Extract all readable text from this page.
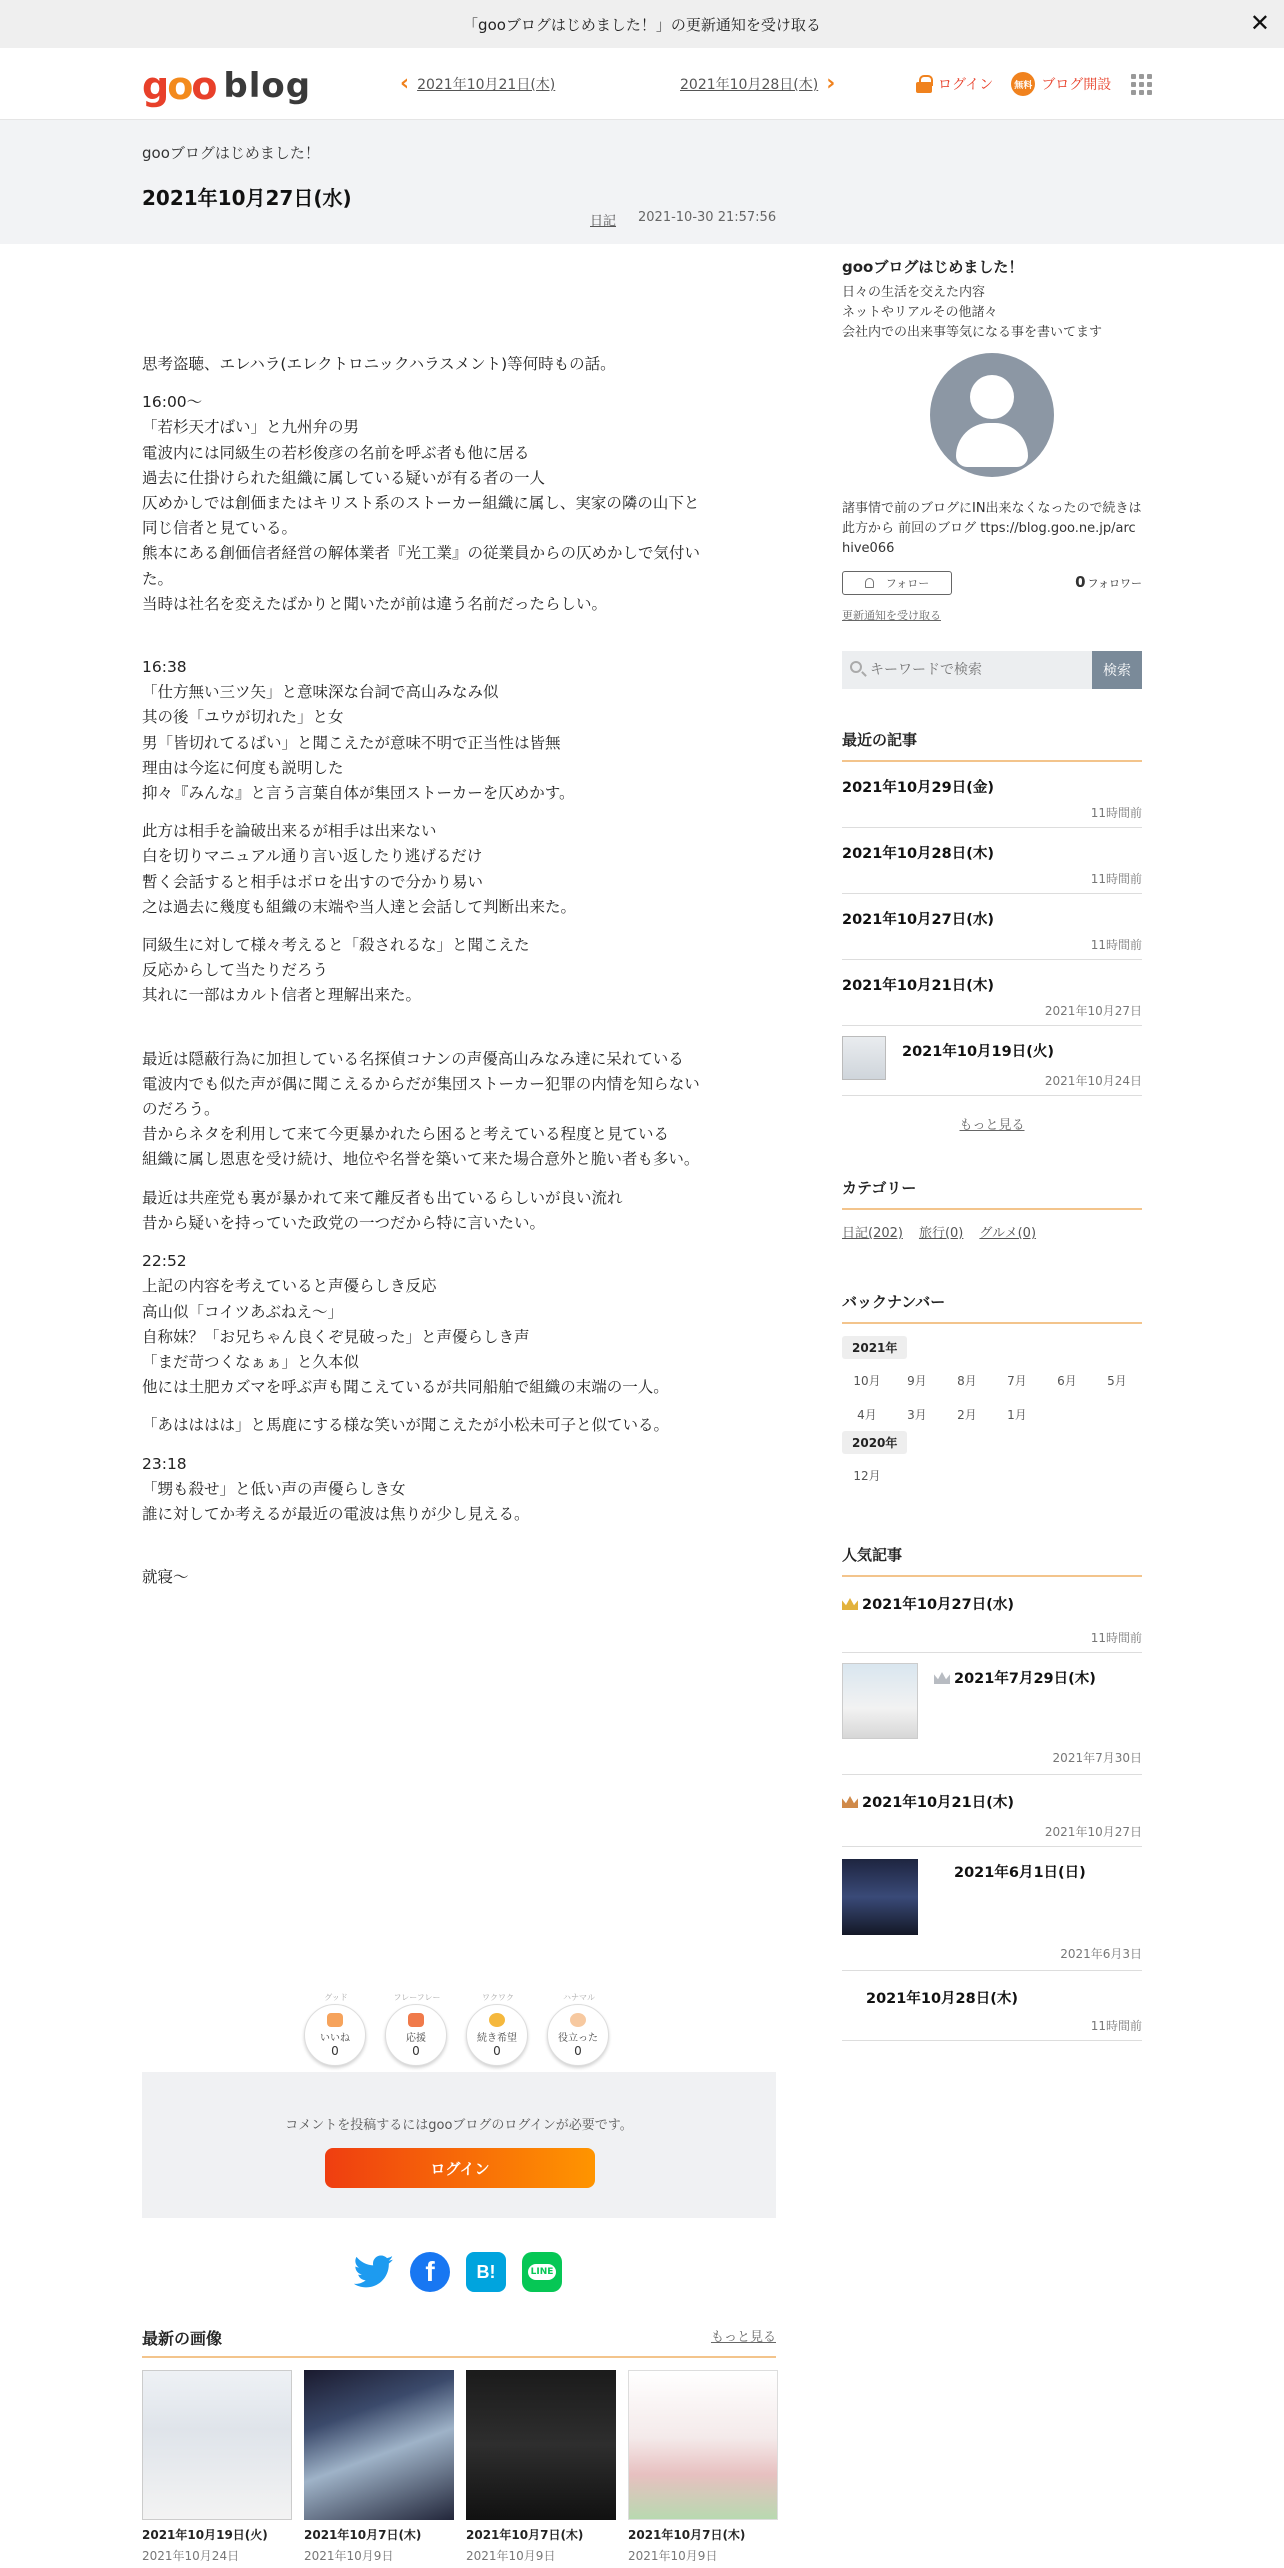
「gooブログはじめました！」の更新通知を受け取る	✕
goo blog	‹ 2021年10月21日(木)	2021年10月28日(木) ›	ログイン	無料 ブログ開設
gooブログはじめました！
2021年10月27日(水)
日記 2021-10-30 21:57:56

思考盗聴、エレハラ(エレクトロニックハラスメント)等何時もの話。

16:00～

「若杉天才ばい」と九州弁の男

電波内には同級生の若杉俊彦の名前を呼ぶ者も他に居る

過去に仕掛けられた組織に属している疑いが有る者の一人

仄めかしでは創価またはキリスト系のストーカー組織に属し、実家の隣の山下と

同じ信者と見ている。

熊本にある創価信者経営の解体業者『光工業』の従業員からの仄めかしで気付い

た。

当時は社名を変えたばかりと聞いたが前は違う名前だったらしい。

16:38

「仕方無い三ツ矢」と意味深な台詞で高山みなみ似

其の後「ユウが切れた」と女

男「皆切れてるばい」と聞こえたが意味不明で正当性は皆無

理由は今迄に何度も説明した

抑々『みんな』と言う言葉自体が集団ストーカーを仄めかす。

此方は相手を論破出来るが相手は出来ない

白を切りマニュアル通り言い返したり逃げるだけ

暫く会話すると相手はボロを出すので分かり易い

之は過去に幾度も組織の末端や当人達と会話して判断出来た。

同級生に対して様々考えると「殺されるな」と聞こえた

反応からして当たりだろう

其れに一部はカルト信者と理解出来た。

最近は隠蔽行為に加担している名探偵コナンの声優高山みなみ達に呆れている

電波内でも似た声が偶に聞こえるからだが集団ストーカー犯罪の内情を知らない

のだろう。

昔からネタを利用して来て今更暴かれたら困ると考えている程度と見ている

組織に属し恩恵を受け続け、地位や名誉を築いて来た場合意外と脆い者も多い。

最近は共産党も裏が暴かれて来て離反者も出ているらしいが良い流れ

昔から疑いを持っていた政党の一つだから特に言いたい。

22:52

上記の内容を考えていると声優らしき反応

高山似「コイツあぶねえ～」

自称妹？「お兄ちゃん良くぞ見破った」と声優らしき声

「まだ苛つくなぁぁ」と久本似

他には土肥カズマを呼ぶ声も聞こえているが共同船舶で組織の末端の一人。

「あはははは」と馬鹿にする様な笑いが聞こえたが小松未可子と似ている。

23:18

「甥も殺せ」と低い声の声優らしき女

誰に対してか考えるが最近の電波は焦りが少し見える。

就寝～

グッド
いいね
0
フレーフレー
応援
0
ワクワク
続き希望
0
ハナマル
役立った
0
コメントを投稿するにはgooブログのログインが必要です。
ログイン
f	B!	LINE
最新の画像	もっと見る
2021年10月19日(火)
2021年10月24日
2021年10月7日(木)
2021年10月9日
2021年10月7日(木)
2021年10月9日
2021年10月7日(木)
2021年10月9日
gooブログはじめました！

日々の生活を交えた内容

ネットやリアルその他諸々

会社内での出来事等気になる事を書いてます

諸事情で前のブログにIN出来なくなったので続きは此方から 前回のブログ ttps://blog.goo.ne.jp/archive066
フォロー	0 フォロワー
更新通知を受け取る
キーワードで検索
検索
最近の記事
2021年10月29日(金)
11時間前
2021年10月28日(木)
11時間前
2021年10月27日(水)
11時間前
2021年10月21日(木)
2021年10月27日
2021年10月19日(火)
2021年10月24日
もっと見る
カテゴリー
日記(202) 旅行(0) グルメ(0)
バックナンバー
2021年
10月	9月	8月	7月	6月	5月
4月	3月	2月	1月
2020年
12月
人気記事
2021年10月27日(水)
11時間前
2021年7月29日(木)
2021年7月30日
2021年10月21日(木)
2021年10月27日
2021年6月1日(日)
2021年6月3日
2021年10月28日(木)
11時間前
